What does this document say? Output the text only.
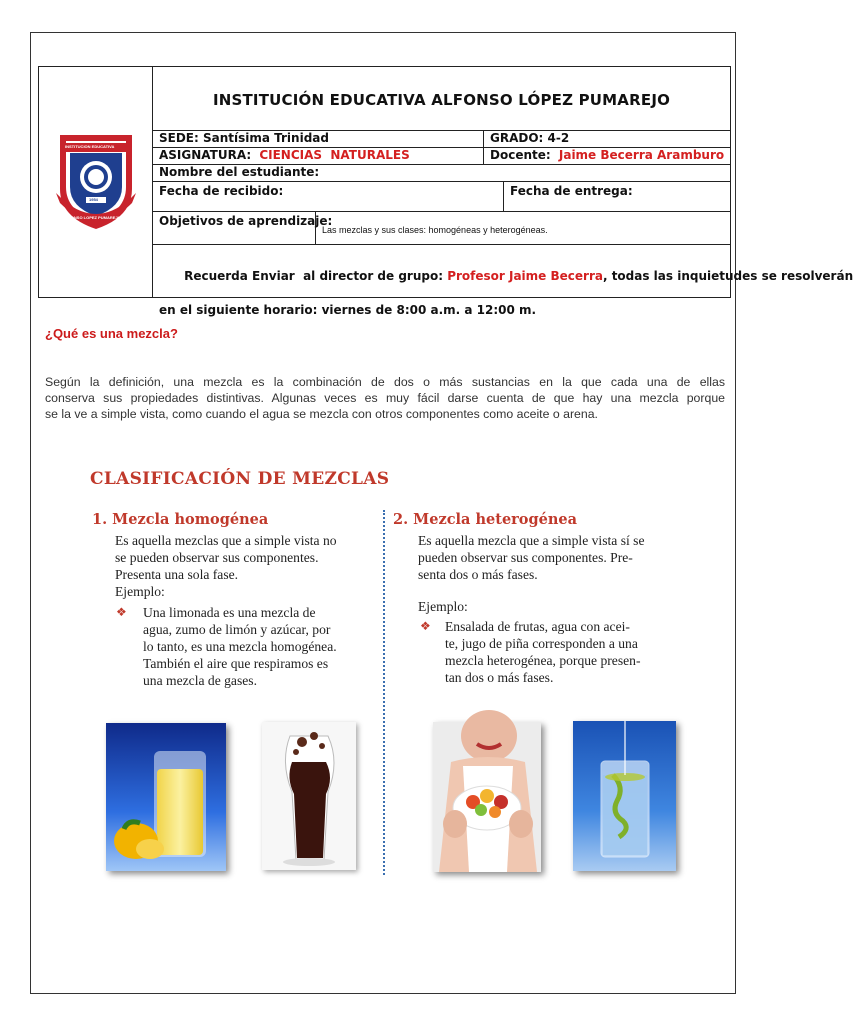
INSTITUCION EDUCATIVA
1954
ALFONSO LOPEZ PUMAREJO
INSTITUCIÓN EDUCATIVA ALFONSO LÓPEZ PUMAREJO
SEDE: Santísima Trinidad	GRADO: 4-2
ASIGNATURA: CIENCIAS  NATURALES	Docente: Jaime Becerra Aramburo
Nombre del estudiante:
Fecha de recibido:	Fecha de entrega:
Objetivos de aprendizaje:
Las mezclas y sus clases: homogéneas y heterogéneas.

Recuerda Enviar  al director de grupo: Profesor Jaime Becerra, todas las inquietudes se resolverán

en el siguiente horario: viernes de 8:00 a.m. a 12:00 m.
¿Qué es una mezcla?
Según la definición, una mezcla es la combinación de dos o más sustancias en la que cada una de ellas
conserva sus propiedades distintivas. Algunas veces es muy fácil darse cuenta de que hay una mezcla porque
se la ve a simple vista, como cuando el agua se mezcla con otros componentes como aceite o arena.
CLASIFICACIÓN DE MEZCLAS
1. Mezcla homogénea
Es aquella mezclas que a simple vista no
se pueden observar sus componentes.
Presenta una sola fase.
Ejemplo:
❖ Una limonada es una mezcla de
agua, zumo de limón y azúcar, por
lo tanto, es una mezcla homogénea.
También el aire que respiramos es
una mezcla de gases.
2. Mezcla heterogénea
Es aquella mezcla que a simple vista sí se
pueden observar sus componentes. Pre-
senta dos o más fases.
Ejemplo:
❖ Ensalada de frutas, agua con acei-
te, jugo de piña corresponden a una
mezcla heterogénea, porque presen-
tan dos o más fases.
